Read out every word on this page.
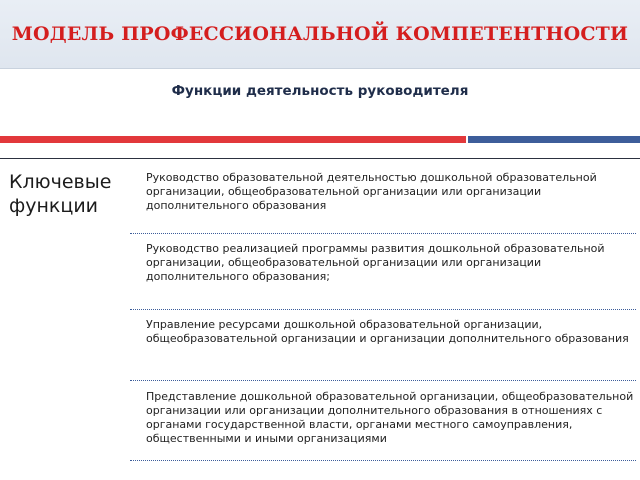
МОДЕЛЬ ПРОФЕССИОНАЛЬНОЙ КОМПЕТЕНТНОСТИ
Функции деятельность руководителя
Ключевые функции
Руководство образовательной деятельностью дошкольной образовательной организации, общеобразовательной организации или организации дополнительного образования
Руководство реализацией программы развития дошкольной образовательной организации, общеобразовательной организации или организации дополнительного образования;
Управление ресурсами дошкольной образовательной организации, общеобразовательной организации и организации дополнительного образования
Представление дошкольной образовательной организации, общеобразовательной организации или организации дополнительного образования в отношениях с органами государственной власти, органами местного самоуправления, общественными и иными организациями
